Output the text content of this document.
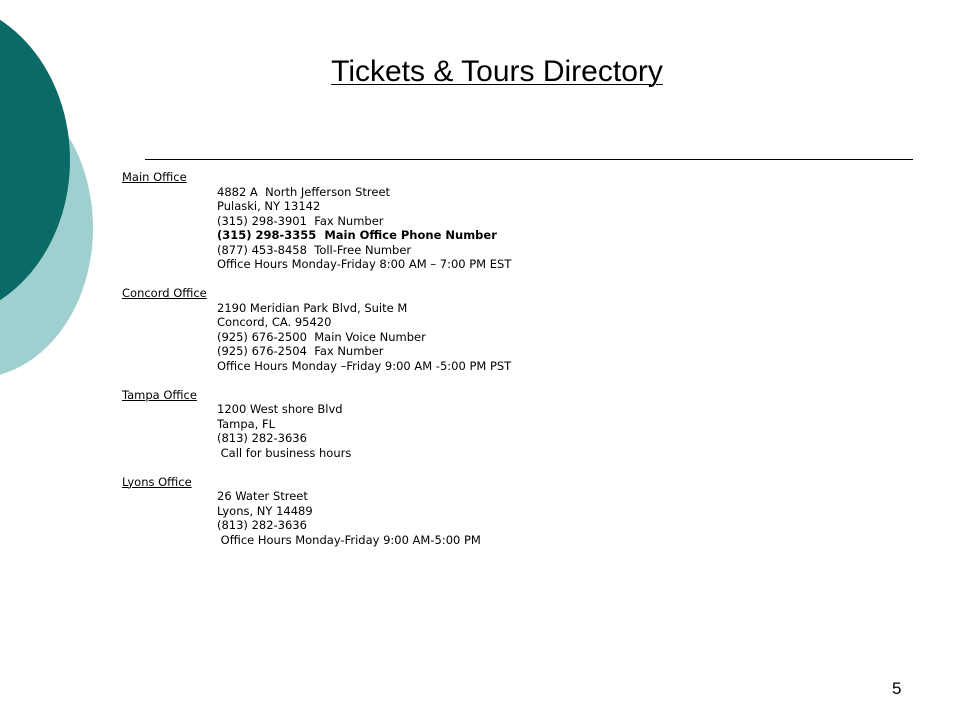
Tickets & Tours Directory
Main Office
4882 A  North Jefferson Street
Pulaski, NY 13142
(315) 298-3901  Fax Number
(315) 298-3355  Main Office Phone Number
(877) 453-8458  Toll-Free Number
Office Hours Monday-Friday 8:00 AM – 7:00 PM EST
Concord Office
2190 Meridian Park Blvd, Suite M
Concord, CA. 95420
(925) 676-2500  Main Voice Number
(925) 676-2504  Fax Number
Office Hours Monday –Friday 9:00 AM -5:00 PM PST
Tampa Office
1200 West shore Blvd
Tampa, FL
(813) 282-3636
Call for business hours
Lyons Office
26 Water Street
Lyons, NY 14489
(813) 282-3636
Office Hours Monday-Friday 9:00 AM-5:00 PM
5
